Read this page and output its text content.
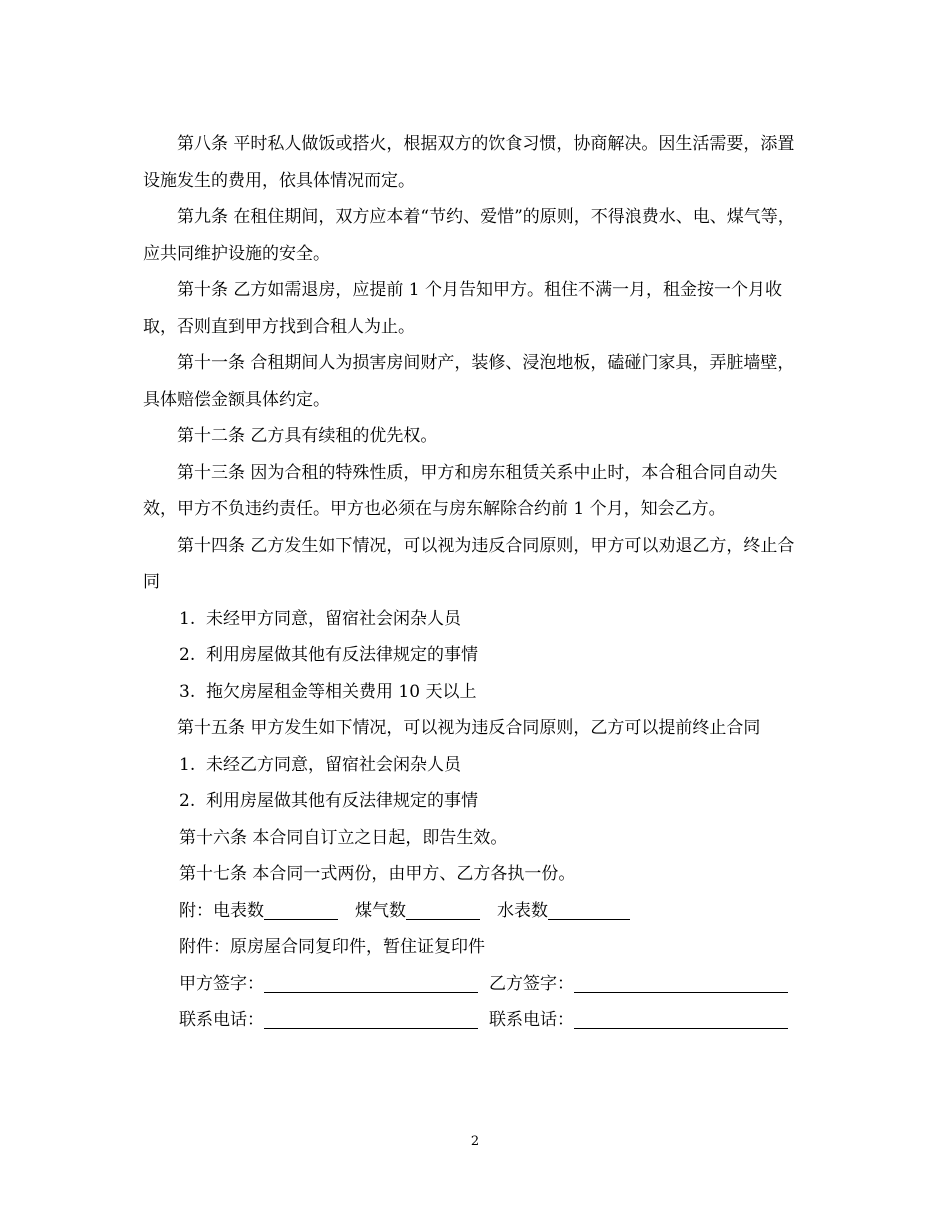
第八条 平时私人做饭或搭火，根据双方的饮食习惯，协商解决。因生活需要，添置设施发生的费用，依具体情况而定。

第九条 在租住期间，双方应本着“节约、爱惜”的原则，不得浪费水、电、煤气等，应共同维护设施的安全。

第十条 乙方如需退房，应提前 1 个月告知甲方。租住不满一月，租金按一个月收取，否则直到甲方找到合租人为止。

第十一条 合租期间人为损害房间财产，装修、浸泡地板，磕碰门家具，弄脏墙壁，具体赔偿金额具体约定。

第十二条 乙方具有续租的优先权。

第十三条 因为合租的特殊性质，甲方和房东租赁关系中止时，本合租合同自动失效，甲方不负违约责任。甲方也必须在与房东解除合约前 1 个月，知会乙方。

第十四条 乙方发生如下情况，可以视为违反合同原则，甲方可以劝退乙方，终止合同

1. 未经甲方同意，留宿社会闲杂人员

2. 利用房屋做其他有反法律规定的事情

3. 拖欠房屋租金等相关费用 10 天以上

第十五条 甲方发生如下情况，可以视为违反合同原则，乙方可以提前终止合同

1. 未经乙方同意，留宿社会闲杂人员

2. 利用房屋做其他有反法律规定的事情

第十六条 本合同自订立之日起，即告生效。

第十七条 本合同一式两份，由甲方、乙方各执一份。

附：电表数	煤气数	水表数

附件：原房屋合同复印件，暂住证复印件

甲方签字：	乙方签字：

联系电话：	联系电话：

2
